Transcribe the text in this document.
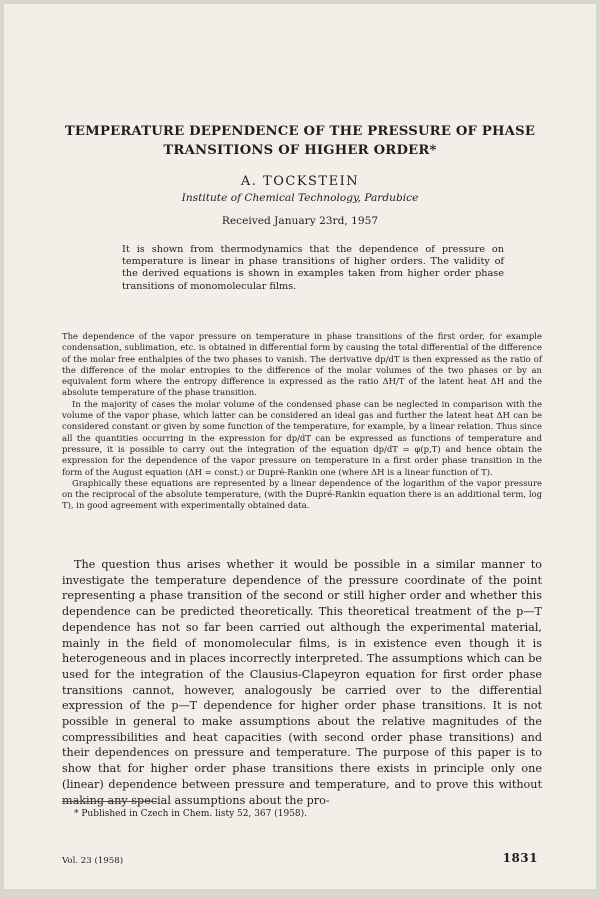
TEMPERATURE DEPENDENCE OF THE PRESSURE OF PHASE TRANSITIONS OF HIGHER ORDER*
A. TOCKSTEIN
Institute of Chemical Technology, Pardubice
Received January 23rd, 1957
It is shown from thermodynamics that the dependence of pressure on temperature is linear in phase transitions of higher orders. The validity of the derived equations is shown in examples taken from higher order phase transitions of monomolecular films.

The dependence of the vapor pressure on temperature in phase transitions of the first order, for example condensation, sublimation, etc. is obtained in differential form by causing the total differential of the difference of the molar free enthalpies of the two phases to vanish. The derivative dp/dT is then expressed as the ratio of the difference of the molar entropies to the difference of the molar volumes of the two phases or by an equivalent form where the entropy difference is expressed as the ratio ΔH/T of the latent heat ΔH and the absolute temperature of the phase transition.

In the majority of cases the molar volume of the condensed phase can be neglected in comparison with the volume of the vapor phase, which latter can be considered an ideal gas and further the latent heat ΔH can be considered constant or given by some function of the temperature, for example, by a linear relation. Thus since all the quantities occurring in the expression for dp/dT can be expressed as functions of temperature and pressure, it is possible to carry out the integration of the equation dp/dT = φ(p,T) and hence obtain the expression for the dependence of the vapor pressure on temperature in a first order phase transition in the form of the August equation (ΔH = const.) or Dupré-Rankin one (where ΔH is a linear function of T).

Graphically these equations are represented by a linear dependence of the logarithm of the vapor pressure on the reciprocal of the absolute temperature, (with the Dupré-Rankin equation there is an additional term, log T), in good agreement with experimentally obtained data.

The question thus arises whether it would be possible in a similar manner to investigate the temperature dependence of the pressure coordinate of the point representing a phase transition of the second or still higher order and whether this dependence can be predicted theoretically. This theoretical treatment of the p—T dependence has not so far been carried out although the experimental material, mainly in the field of monomolecular films, is in existence even though it is heterogeneous and in places incorrectly interpreted. The assumptions which can be used for the integration of the Clausius-Clapeyron equation for first order phase transitions cannot, however, analogously be carried over to the differential expression of the p—T dependence for higher order phase transitions. It is not possible in general to make assumptions about the relative magnitudes of the compressibilities and heat capacities (with second order phase transitions) and their dependences on pressure and temperature. The purpose of this paper is to show that for higher order phase transitions there exists in principle only one (linear) dependence between pressure and temperature, and to prove this without making any special assumptions about the pro-

* Published in Czech in Chem. listy 52, 367 (1958).
Vol. 23 (1958)	1831
